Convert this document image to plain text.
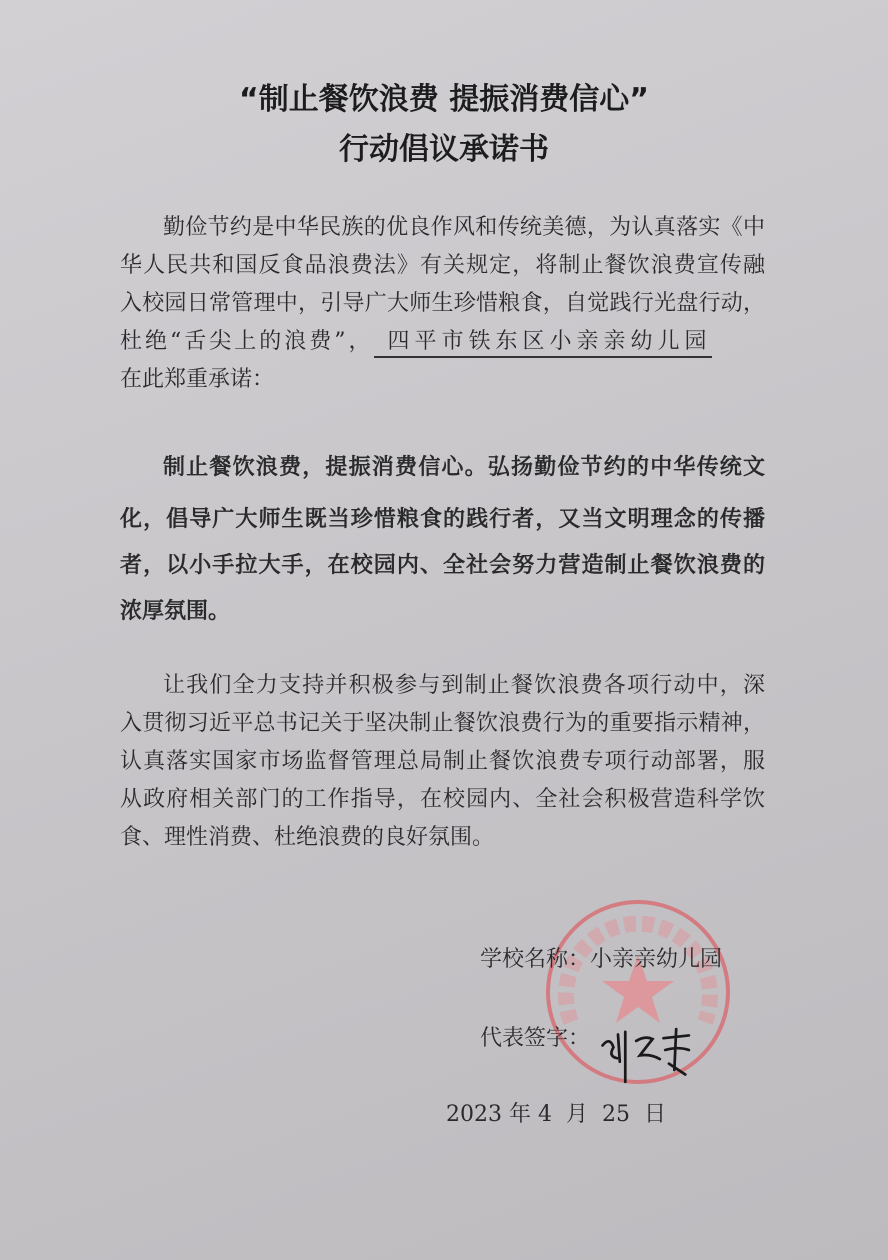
“制止餐饮浪费 提振消费信心”
行动倡议承诺书
勤俭节约是中华民族的优良作风和传统美德，为认真落实《中
华人民共和国反食品浪费法》有关规定，将制止餐饮浪费宣传融
入校园日常管理中，引导广大师生珍惜粮食，自觉践行光盘行动，
杜绝“舌尖上的浪费”， 四平市铁东区小亲亲幼儿园
在此郑重承诺：
制止餐饮浪费，提振消费信心。弘扬勤俭节约的中华传统文
化，倡导广大师生既当珍惜粮食的践行者，又当文明理念的传播
者，以小手拉大手，在校园内、全社会努力营造制止餐饮浪费的
浓厚氛围。
让我们全力支持并积极参与到制止餐饮浪费各项行动中，深
入贯彻习近平总书记关于坚决制止餐饮浪费行为的重要指示精神，
认真落实国家市场监督管理总局制止餐饮浪费专项行动部署，服
从政府相关部门的工作指导，在校园内、全社会积极营造科学饮
食、理性消费、杜绝浪费的良好氛围。
学校名称：小亲亲幼儿园
代表签字：
2023 年 4 月 25 日
